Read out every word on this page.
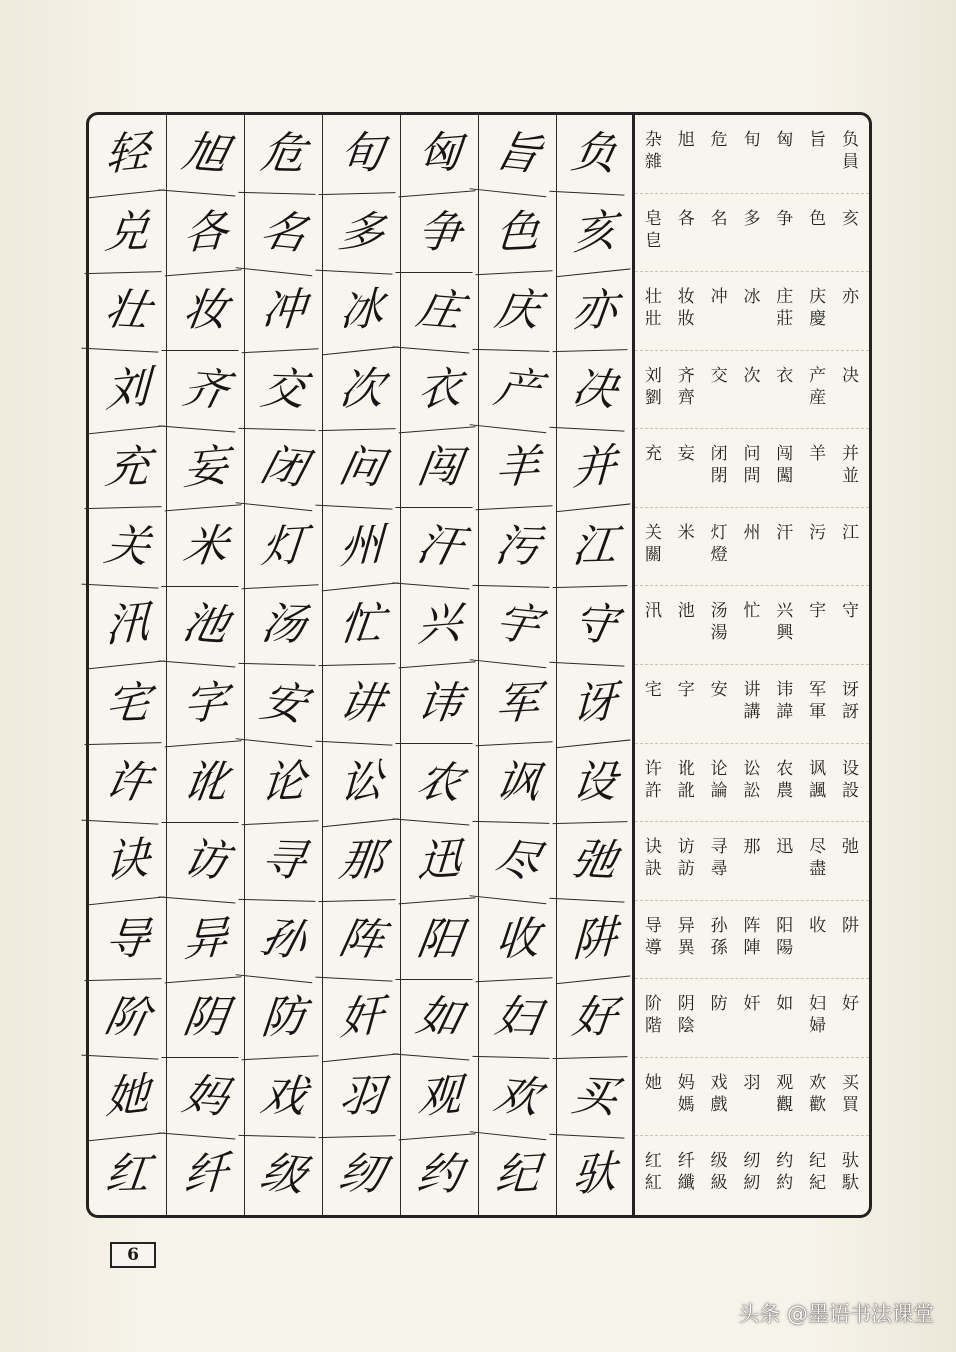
轻
兑
壮
刘
充
关
汛
宅
许
诀
导
阶
她
红
旭
各
妆
齐
妄
米
池
字
讹
访
异
阴
妈
纤
危
名
冲
交
闭
灯
汤
安
论
寻
孙
防
戏
级
旬
多
冰
次
问
州
忙
讲
讼
那
阵
奸
羽
纫
匈
争
庄
衣
闯
汗
兴
讳
农
迅
阳
如
观
约
旨
色
庆
产
羊
污
宇
军
讽
尽
收
妇
欢
纪
负
亥
亦
决
并
江
守
讶
设
弛
阱
好
买
驮
杂
雜
旭 危 旬 匈 旨 负
員
皂
皀
各 名 多 争 色 亥
壮
壯
妆
妝
冲 冰 庄
莊
庆
慶
亦
刘
劉
齐
齊
交 次 衣 产
産
决
充 妄 闭
閉
问
問
闯
闖
羊 并
並
关
關
米 灯
燈
州 汗 污 江
汛 池 汤
湯
忙 兴
興
宇 守
宅 字 安 讲
講
讳
諱
军
軍
讶
訝
许
許
讹
訛
论
論
讼
訟
农
農
讽
諷
设
設
诀
訣
访
訪
寻
尋
那 迅 尽
盡
弛
导
導
异
異
孙
孫
阵
陣
阳
陽
收 阱
阶
階
阴
陰
防 奸 如 妇
婦
好
她 妈
媽
戏
戲
羽 观
觀
欢
歡
买
買
红
紅
纤
纖
级
級
纫
紉
约
約
纪
紀
驮
馱
6
头条 @墨语书法课堂
